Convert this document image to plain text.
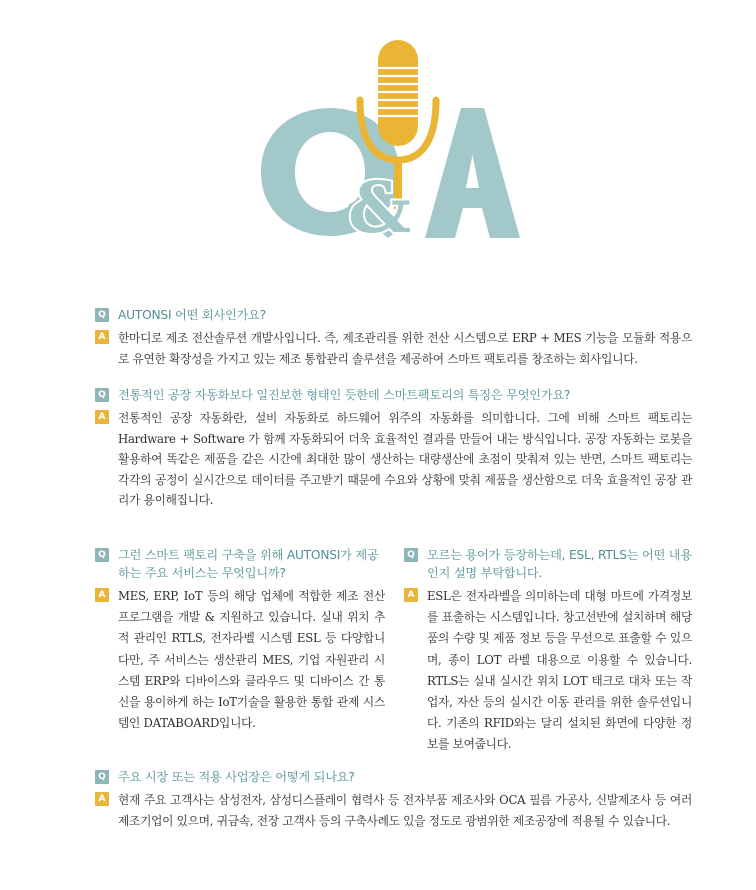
&
Q AUTONSI 어떤 회사인가요?
A	한마디로 제조 전산솔루션 개발사입니다. 즉, 제조관리를 위한 전산 시스템으로 ERP + MES 기능을 모듈화 적용으로 유연한 확장성을 가지고 있는 제조 통합관리 솔루션을 제공하여 스마트 팩토리를 창조하는 회사입니다.
Q 전통적인 공장 자동화보다 일진보한 형태인 듯한데 스마트팩토리의 특징은 무엇인가요?
A	전통적인 공장 자동화란, 설비 자동화로 하드웨어 위주의 자동화를 의미합니다. 그에 비해 스마트 팩토리는 Hardware + Software 가 함께 자동화되어 더욱 효율적인 결과를 만들어 내는 방식입니다. 공장 자동화는 로봇을 활용하여 똑같은 제품을 같은 시간에 최대한 많이 생산하는 대량생산에 초점이 맞춰져 있는 반면, 스마트 팩토리는 각각의 공정이 실시간으로 데이터를 주고받기 때문에 수요와 상황에 맞춰 제품을 생산함으로 더욱 효율적인 공장 관리가 용이해집니다.
Q 그런 스마트 팩토리 구축을 위해 AUTONSI가 제공하는 주요 서비스는 무엇입니까?
A	MES, ERP, IoT 등의 해당 업체에 적합한 제조 전산 프로그램을 개발 & 지원하고 있습니다. 실내 위치 추적 관리인 RTLS, 전자라벨 시스템 ESL 등 다양합니다만, 주 서비스는 생산관리 MES, 기업 자원관리 시스템 ERP와 디바이스와 클라우드 및 디바이스 간 통신을 용이하게 하는 IoT기술을 활용한 통합 관제 시스템인 DATABOARD입니다.
Q 모르는 용어가 등장하는데, ESL, RTLS는 어떤 내용인지 설명 부탁합니다.
A	ESL은 전자라벨을 의미하는데 대형 마트에 가격정보를 표출하는 시스템입니다. 창고선반에 설치하며 해당품의 수량 및 제품 정보 등을 무선으로 표출할 수 있으며, 종이 LOT 라벨 대용으로 이용할 수 있습니다. RTLS는 실내 실시간 위치 LOT 태크로 대차 또는 작업자, 자산 등의 실시간 이동 관리를 위한 솔루션입니다. 기존의 RFID와는 달리 설치된 화면에 다양한 정보를 보여줍니다.
Q 주요 시장 또는 적용 사업장은 어떻게 되나요?
A	현재 주요 고객사는 삼성전자, 삼성디스플레이 협력사 등 전자부품 제조사와 OCA 필름 가공사, 신발제조사 등 여러 제조기업이 있으며, 귀금속, 전장 고객사 등의 구축사례도 있을 정도로 광범위한 제조공장에 적용될 수 있습니다.
